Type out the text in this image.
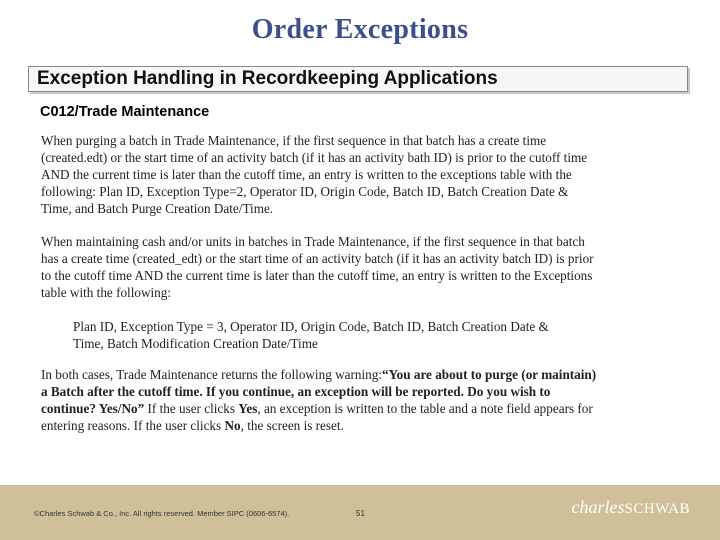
Order Exceptions
Exception Handling in Recordkeeping Applications
C012/Trade Maintenance
When purging a batch in Trade Maintenance, if the first sequence in that batch has a create time
(created.edt) or the start time of an activity batch (if it has an activity bath ID) is prior to the cutoff time
AND the current time is later than the cutoff time, an entry is written to the exceptions table with the
following: Plan ID, Exception Type=2, Operator ID, Origin Code, Batch ID, Batch Creation Date &
Time, and Batch Purge Creation Date/Time.
When maintaining cash and/or units in batches in Trade Maintenance, if the first sequence in that batch
has a create time (created_edt) or the start time of an activity batch (if it has an activity batch ID) is prior
to the cutoff time AND the current time is later than the cutoff time, an entry is written to the Exceptions
table with the following:
Plan ID, Exception Type = 3, Operator ID, Origin Code, Batch ID, Batch Creation Date &
Time, Batch Modification Creation Date/Time
In both cases, Trade Maintenance returns the following warning:“You are about to purge (or maintain)
a Batch after the cutoff time. If you continue, an exception will be reported. Do you wish to
continue? Yes/No” If the user clicks Yes, an exception is written to the table and a note field appears for
entering reasons. If the user clicks No, the screen is reset.
©Charles Schwab & Co., Inc. All rights reserved. Member SIPC (0606-6574).	51	charlesSCHWAB
